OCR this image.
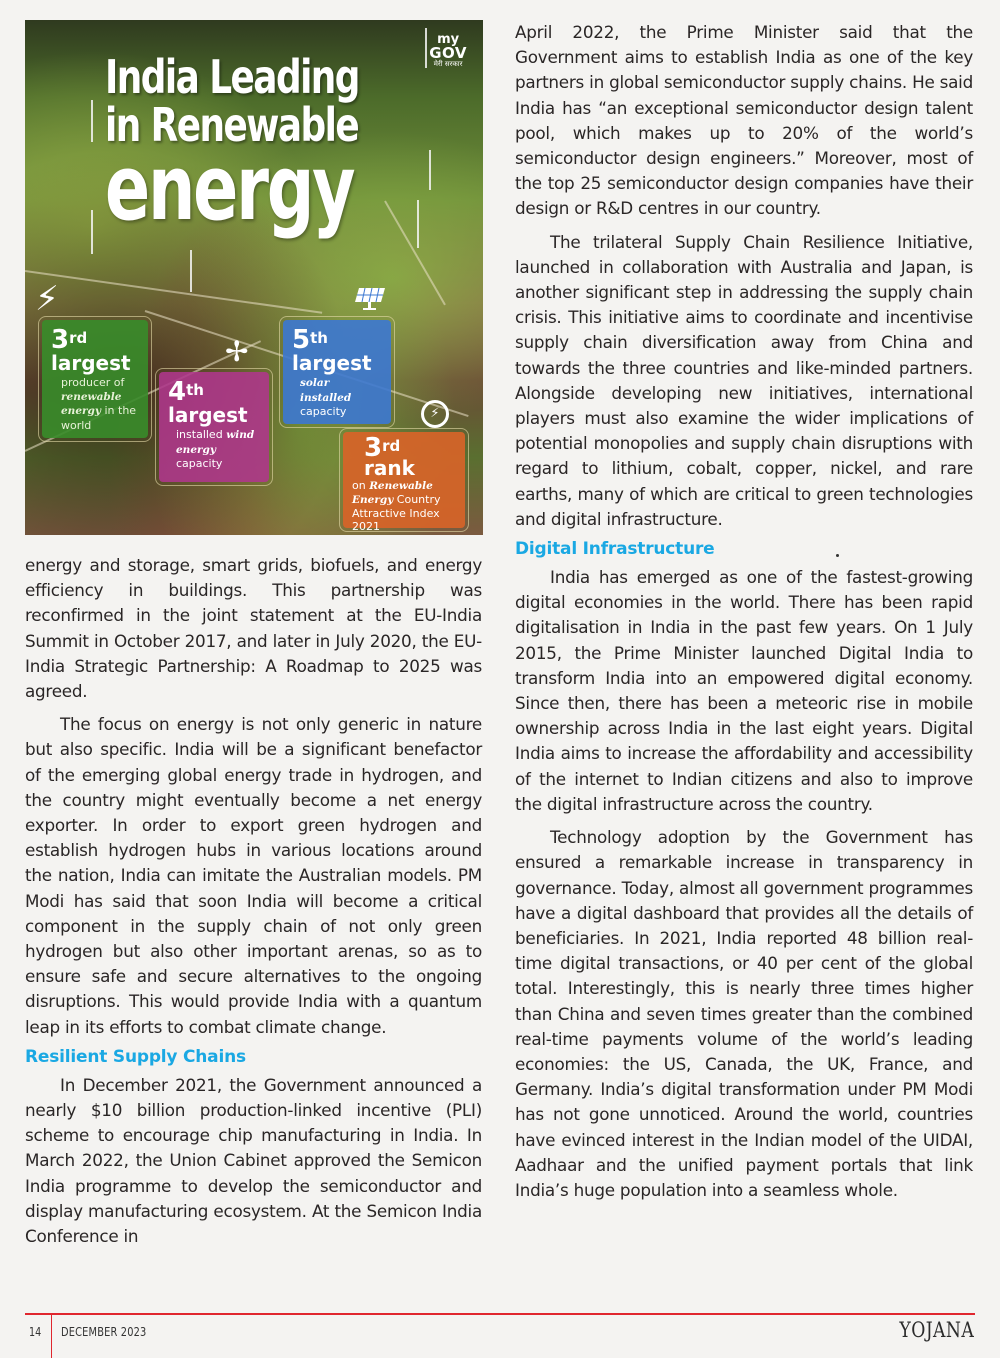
my
GOV
मेरी सरकार
India Leading
in Renewable
energy
⚡
✢
⚡
3rd
largest
producer of renewable energy in the world
4th
largest
installed wind energy capacity
5th
largest
solar installed capacity
3rd
rank
on Renewable Energy Country Attractive Index 2021

energy and storage, smart grids, biofuels, and energy efficiency in buildings. This partnership was reconfirmed in the joint statement at the EU-India Summit in October 2017, and later in July 2020, the EU-India Strategic Partnership: A Roadmap to 2025 was agreed.

The focus on energy is not only generic in nature but also specific. India will be a significant benefactor of the emerging global energy trade in hydrogen, and the country might eventually become a net energy exporter. In order to export green hydrogen and establish hydrogen hubs in various locations around the nation, India can imitate the Australian models. PM Modi has said that soon India will become a critical component in the supply chain of not only green hydrogen but also other important arenas, so as to ensure safe and secure alternatives to the ongoing disruptions. This would provide India with a quantum leap in its efforts to combat climate change.

Resilient Supply Chains

In December 2021, the Government announced a nearly $10 billion production-linked incentive (PLI) scheme to encourage chip manufacturing in India. In March 2022, the Union Cabinet approved the Semicon India programme to develop the semiconductor and display manufacturing ecosystem. At the Semicon India Conference in

April 2022, the Prime Minister said that the Government aims to establish India as one of the key partners in global semiconductor supply chains. He said India has “an exceptional semiconductor design talent pool, which makes up to 20% of the world’s semiconductor design engineers.” Moreover, most of the top 25 semiconductor design companies have their design or R&D centres in our country.

The trilateral Supply Chain Resilience Initiative, launched in collaboration with Australia and Japan, is another significant step in addressing the supply chain crisis. This initiative aims to coordinate and incentivise supply chain diversification away from China and towards the three countries and like-minded partners. Alongside developing new initiatives, international players must also examine the wider implications of potential monopolies and supply chain disruptions with regard to lithium, cobalt, copper, nickel, and rare earths, many of which are critical to green technologies and digital infrastructure.

Digital Infrastructure

India has emerged as one of the fastest-growing digital economies in the world. There has been rapid digitalisation in India in the past few years. On 1 July 2015, the Prime Minister launched Digital India to transform India into an empowered digital economy. Since then, there has been a meteoric rise in mobile ownership across India in the last eight years. Digital India aims to increase the affordability and accessibility of the internet to Indian citizens and also to improve the digital infrastructure across the country.

Technology adoption by the Government has ensured a remarkable increase in transparency in governance. Today, almost all government programmes have a digital dashboard that provides all the details of beneficiaries. In 2021, India reported 48 billion real-time digital transactions, or 40 per cent of the global total. Interestingly, this is nearly three times higher than China and seven times greater than the combined real-time payments volume of the world’s leading economies: the US, Canada, the UK, France, and Germany. India’s digital transformation under PM Modi has not gone unnoticed. Around the world, countries have evinced interest in the Indian model of the UIDAI, Aadhaar and the unified payment portals that link India’s huge population into a seamless whole.

14 DECEMBER 2023	YOJANA
